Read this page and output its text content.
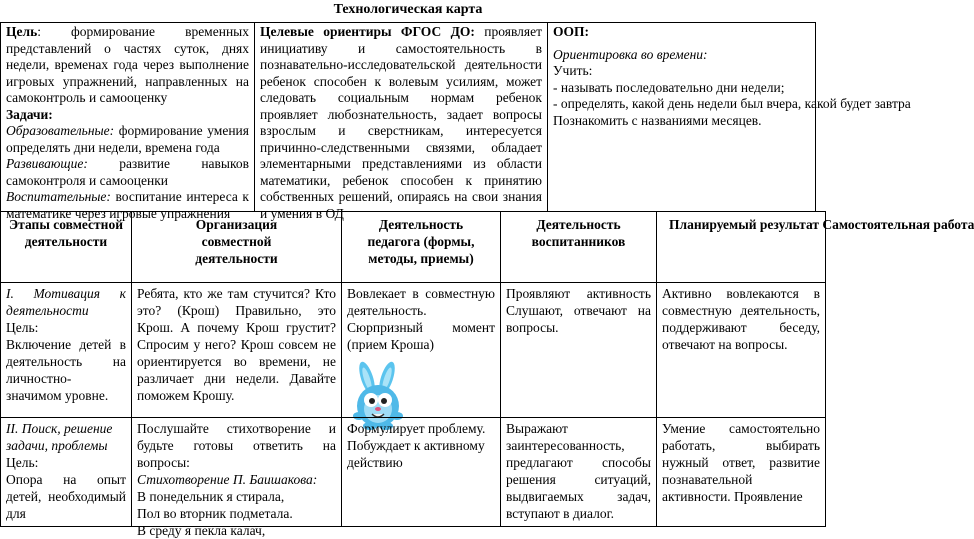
Технологическая карта
Цель: формирование временных представлений о частях суток, днях недели, временах года через выполнение игровых упражнений, направленных на самоконтроль и самооценку
Задачи:
Образовательные: формирование умения определять дни недели, времена года
Развивающие: развитие навыков самоконтроля и самооценки
Воспитательные: воспитание интереса к математике через игровые упражнения
Целевые ориентиры ФГОС ДО: проявляет инициативу и самостоятельность в познавательно-исследовательской деятельности ребенок способен к волевым усилиям, может следовать социальным нормам ребенок проявляет любознательность, задает вопросы взрослым и сверстникам, интересуется причинно-следственными связями, обладает элементарными представлениями из области математики, ребенок способен к принятию собственных решений, опираясь на свои знания и умения в ОД
ООП:
Ориентировка во времени:
Учить:
- называть последовательно дни недели;
- определять, какой день недели был вчера, какой будет завтра
Познакомить с названиями месяцев.
Этапы совместной деятельности
Организация совместной деятельности
Деятельность педагога (формы, методы, приемы)
Деятельность воспитанников
Планируемый результат Самостоятельная работа
I. Мотивация к деятельности
Цель:
Включение детей в деятельность на личностно-значимом уровне.
Ребята, кто же там стучится? Кто это? (Крош) Правильно, это Крош. А почему Крош грустит? Спросим у него? Крош совсем не ориентируется во времени, не различает дни недели. Давайте поможем Крошу.
Вовлекает в совместную деятельность. Сюрпризный момент (прием Кроша)
Проявляют активность Слушают, отвечают на вопросы.
Активно вовлекаются в совместную деятельность, поддерживают беседу, отвечают на вопросы.
II. Поиск, решение задачи, проблемы
Цель:
Опора на опыт детей, необходимый для
Послушайте стихотворение и будьте готовы ответить на вопросы:
Стихотворение П. Баишакова:
В понедельник я стирала,
Пол во вторник подметала.
В среду я пекла калач,
Формулирует проблему. Побуждает к активному действию
Выражают заинтересованность, предлагают способы решения ситуаций, выдвигаемых задач, вступают в диалог.
Умение самостоятельно работать, выбирать нужный ответ, развитие познавательной активности. Проявление
